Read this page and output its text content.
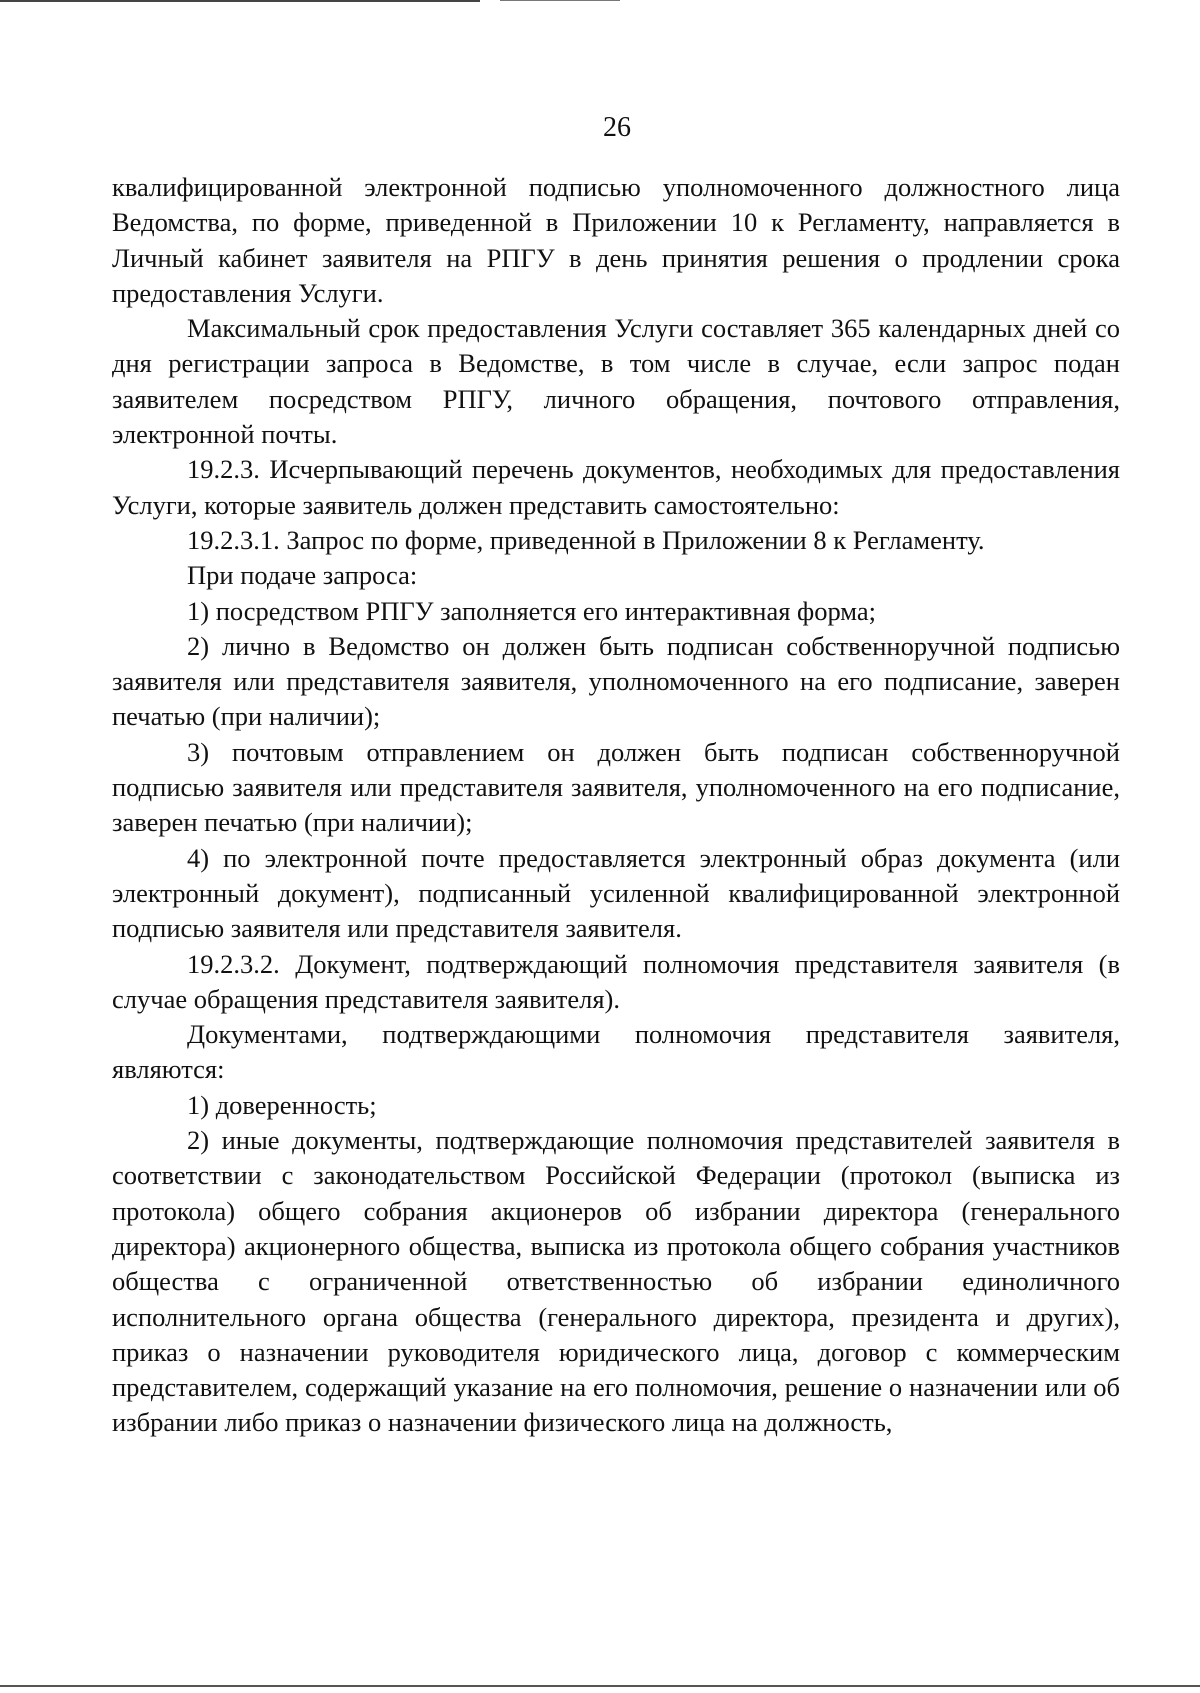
26

квалифицированной электронной подписью уполномоченного должностного лица Ведомства, по форме, приведенной в Приложении 10 к Регламенту, направляется в Личный кабинет заявителя на РПГУ в день принятия решения о продлении срока предоставления Услуги.

Максимальный срок предоставления Услуги составляет 365 календарных дней со дня регистрации запроса в Ведомстве, в том числе в случае, если запрос подан заявителем посредством РПГУ, личного обращения, почтового отправления, электронной почты.

19.2.3. Исчерпывающий перечень документов, необходимых для предоставления Услуги, которые заявитель должен представить самостоятельно:

19.2.3.1. Запрос по форме, приведенной в Приложении 8 к Регламенту.

При подаче запроса:

1) посредством РПГУ заполняется его интерактивная форма;

2) лично в Ведомство он должен быть подписан собственноручной подписью заявителя или представителя заявителя, уполномоченного на его подписание, заверен печатью (при наличии);

3) почтовым отправлением он должен быть подписан собственноручной подписью заявителя или представителя заявителя, уполномоченного на его подписание, заверен печатью (при наличии);

4) по электронной почте предоставляется электронный образ документа (или электронный документ), подписанный усиленной квалифицированной электронной подписью заявителя или представителя заявителя.

19.2.3.2. Документ, подтверждающий полномочия представителя заявителя (в случае обращения представителя заявителя).

Документами, подтверждающими полномочия представителя заявителя, являются:

1) доверенность;

2) иные документы, подтверждающие полномочия представителей заявителя в соответствии с законодательством Российской Федерации (протокол (выписка из протокола) общего собрания акционеров об избрании директора (генерального директора) акционерного общества, выписка из протокола общего собрания участников общества с ограниченной ответственностью об избрании единоличного исполнительного органа общества (генерального директора, президента и других), приказ о назначении руководителя юридического лица, договор с коммерческим представителем, содержащий указание на его полномочия, решение о назначении или об избрании либо приказ о назначении физического лица на должность,
